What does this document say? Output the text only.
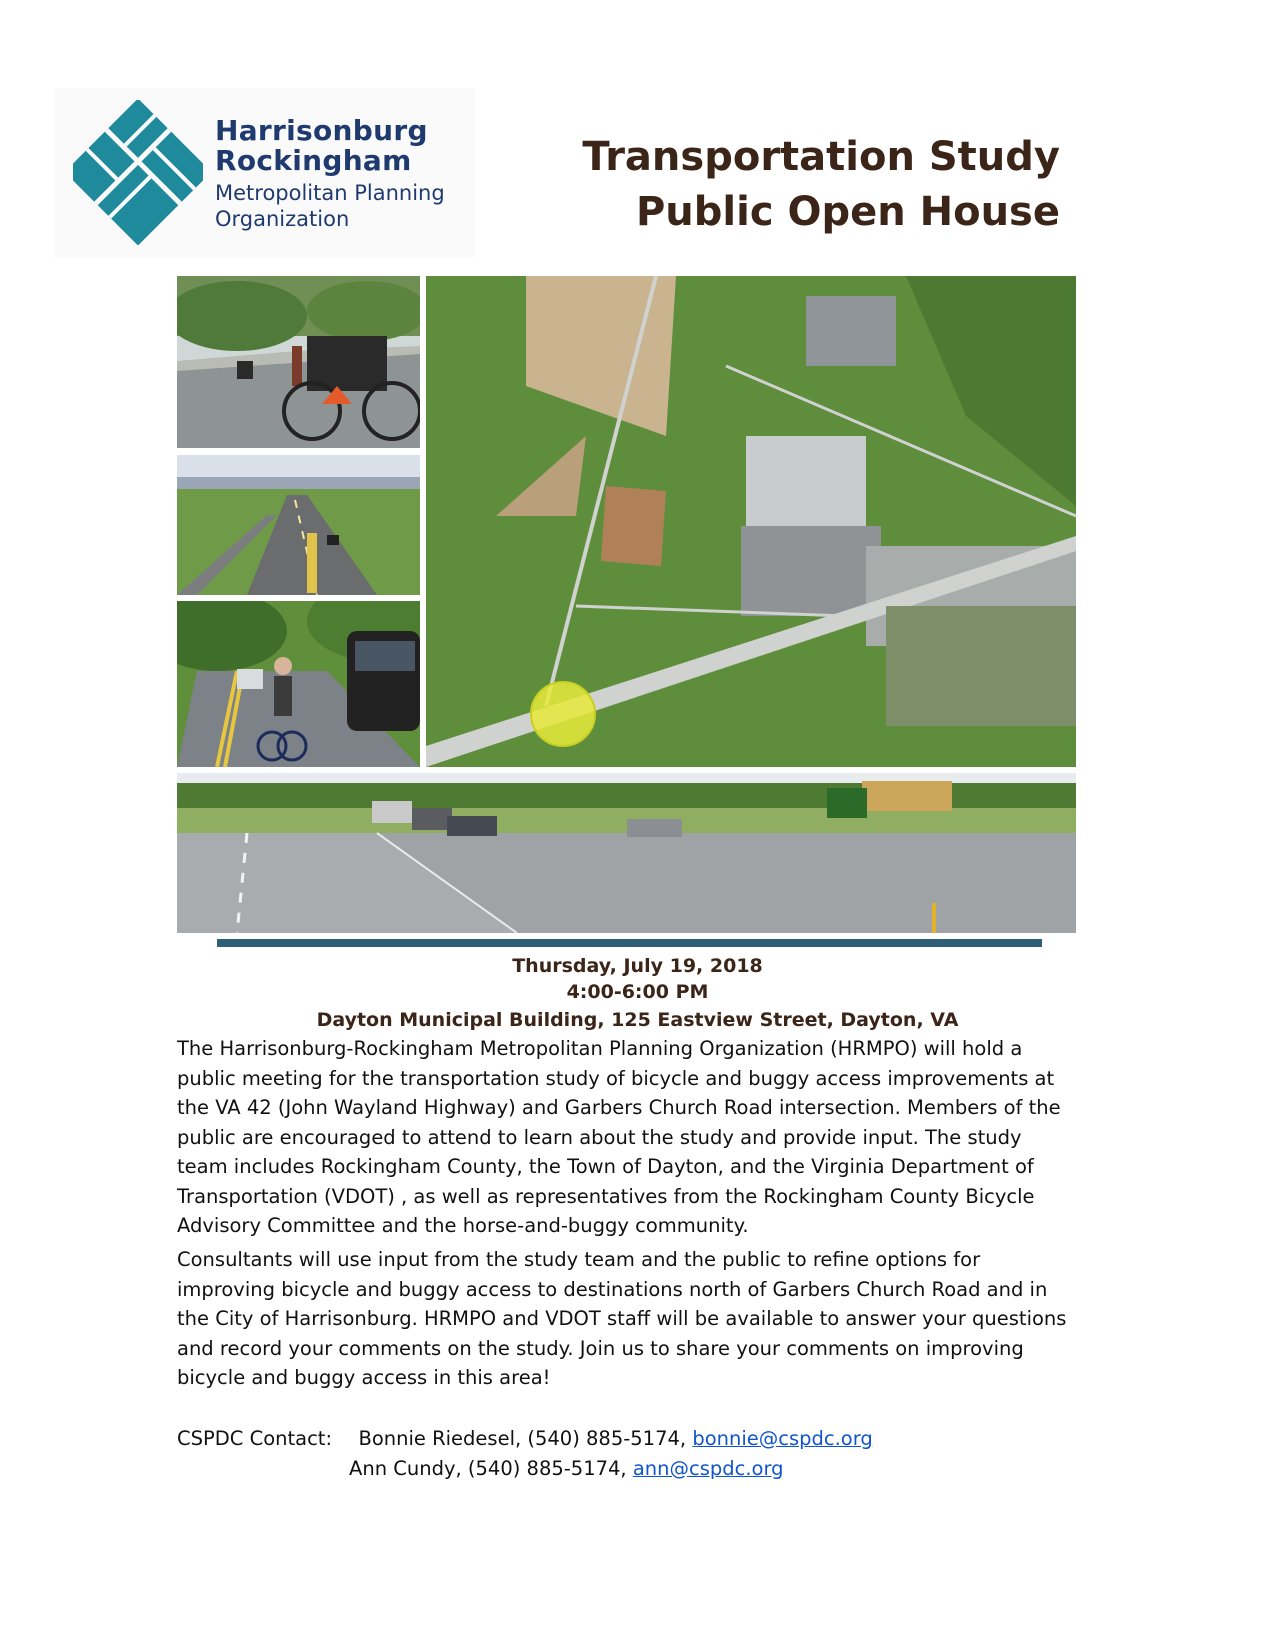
Harrisonburg
Rockingham
Metropolitan Planning
Organization
Transportation Study
Public Open House
Thursday, July 19, 2018
4:00-6:00 PM
Dayton Municipal Building, 125 Eastview Street, Dayton, VA

The Harrisonburg-Rockingham Metropolitan Planning Organization (HRMPO) will hold a public meeting for the transportation study of bicycle and buggy access improvements at the VA 42 (John Wayland Highway) and Garbers Church Road intersection. Members of the public are encouraged to attend to learn about the study and provide input. The study team includes Rockingham County, the Town of Dayton, and the Virginia Department of Transportation (VDOT) , as well as representatives from the Rockingham County Bicycle Advisory Committee and the horse-and-buggy community.

Consultants will use input from the study team and the public to refine options for improving bicycle and buggy access to destinations north of Garbers Church Road and in the City of Harrisonburg. HRMPO and VDOT staff will be available to answer your questions and record your comments on the study. Join us to share your comments on improving bicycle and buggy access in this area!

CSPDC Contact: Bonnie Riedesel, (540) 885-5174, bonnie@cspdc.org
Ann Cundy, (540) 885-5174, ann@cspdc.org
